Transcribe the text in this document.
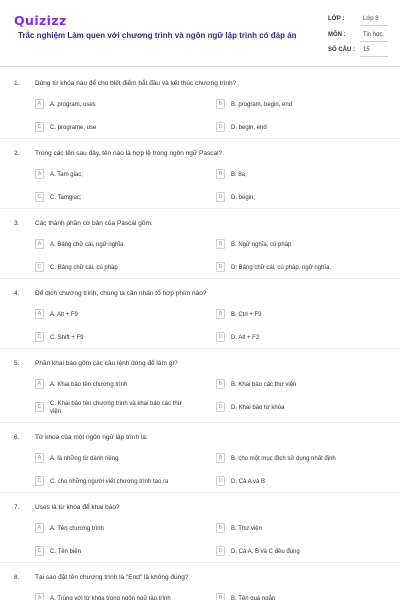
Quizizz
Trắc nghiệm Làm quen với chương trình và ngôn ngữ lập trình có đáp án
LỚP :	Lớp 8
MÔN :	Tin học
SỐ CÂU : 15
1. Dùng từ khóa nào để cho biết điểm bắt đầu và kết thúc chương trình?
A	A. program, uses	B	B. program, begin, end
C	C. programe, use	D	D. begin, end
2. Trong các tên sau đây, tên nào là hợp lệ trong ngôn ngữ Pascal?
A	A. Tam giac;	B	B. 8a;
C	C. Tamgiac;	D	D. begin;
3. Các thành phần cơ bản của Pascal gồm:
A	A. Bảng chữ cái, ngữ nghĩa.	B	B. Ngữ nghĩa, cú pháp
C	C. Bảng chữ cái, cú pháp	D	D. Bảng chữ cái, cú pháp, ngữ nghĩa.
4. Để dịch chương trình, chúng ta cần nhấn tổ hợp phím nào?
A	A. Alt + F9	B	B. Ctrl + F9
C	C. Shift + F9	D	D. Alt + F2
5. Phần khai báo gồm các câu lệnh dùng để làm gì?
A	A. Khai báo tên chương trình	B	B. Khai báo các thư viện
C	C. Khai báo tên chương trình và khai báo các thư viện
D	D. Khai báo từ khóa
6. Từ khoá của một ngôn ngữ lập trình là:
A	A. là những từ dành riêng	B	B. cho một mục đích sử dụng nhất định
C	C. cho những người viết chương trình tạo ra	D	D. Cả A và B
7. Uses là từ khóa để khai báo?
A	A. Tên chương trình	B	B. Thư viện
C	C. Tên biến	D	D. Cả A, B và C đều đúng
8. Tại sao đặt tên chương trình là "End" là không đúng?
A	A. Trùng với từ khóa trong ngôn ngữ lập trình	B	B. Tên quá ngắn
